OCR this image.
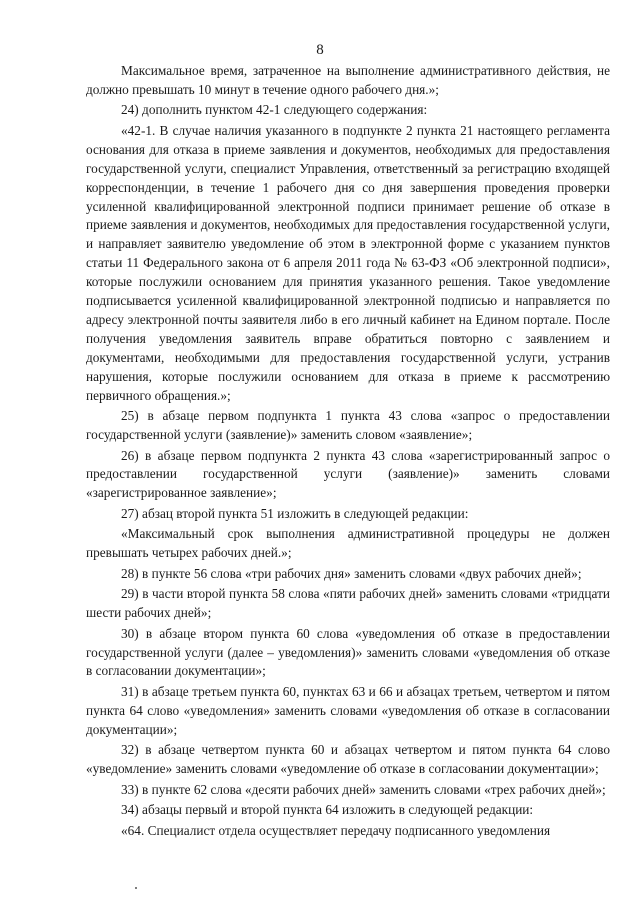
8

Максимальное время, затраченное на выполнение административного действия, не должно превышать 10 минут в течение одного рабочего дня.»;

24) дополнить пунктом 42-1 следующего содержания:

«42-1. В случае наличия указанного в подпункте 2 пункта 21 настоящего регламента основания для отказа в приеме заявления и документов, необходимых для предоставления государственной услуги, специалист Управления, ответственный за регистрацию входящей корреспонденции, в течение 1 рабочего дня со дня завершения проведения проверки усиленной квалифицированной электронной подписи принимает решение об отказе в приеме заявления и документов, необходимых для предоставления государственной услуги, и направляет заявителю уведомление об этом в электронной форме с указанием пунктов статьи 11 Федерального закона от 6 апреля 2011 года № 63-ФЗ «Об электронной подписи», которые послужили основанием для принятия указанного решения. Такое уведомление подписывается усиленной квалифицированной электронной подписью и направляется по адресу электронной почты заявителя либо в его личный кабинет на Едином портале. После получения уведомления заявитель вправе обратиться повторно с заявлением и документами, необходимыми для предоставления государственной услуги, устранив нарушения, которые послужили основанием для отказа в приеме к рассмотрению первичного обращения.»;

25) в абзаце первом подпункта 1 пункта 43 слова «запрос о предоставлении государственной услуги (заявление)» заменить словом «заявление»;

26) в абзаце первом подпункта 2 пункта 43 слова «зарегистрированный запрос о предоставлении государственной услуги (заявление)» заменить словами «зарегистрированное заявление»;

27) абзац второй пункта 51 изложить в следующей редакции:

«Максимальный срок выполнения административной процедуры не должен превышать четырех рабочих дней.»;

28) в пункте 56 слова «три рабочих дня» заменить словами «двух рабочих дней»;

29) в части второй пункта 58 слова «пяти рабочих дней» заменить словами «тридцати шести рабочих дней»;

30) в абзаце втором пункта 60 слова «уведомления об отказе в предоставлении государственной услуги (далее – уведомления)» заменить словами «уведомления об отказе в согласовании документации»;

31) в абзаце третьем пункта 60, пунктах 63 и 66 и абзацах третьем, четвертом и пятом пункта 64 слово «уведомления» заменить словами «уведомления об отказе в согласовании документации»;

32) в абзаце четвертом пункта 60 и абзацах четвертом и пятом пункта 64 слово «уведомление» заменить словами «уведомление об отказе в согласовании документации»;

33) в пункте 62 слова «десяти рабочих дней» заменить словами «трех рабочих дней»;

34) абзацы первый и второй пункта 64 изложить в следующей редакции:

«64. Специалист отдела осуществляет передачу подписанного уведомления
